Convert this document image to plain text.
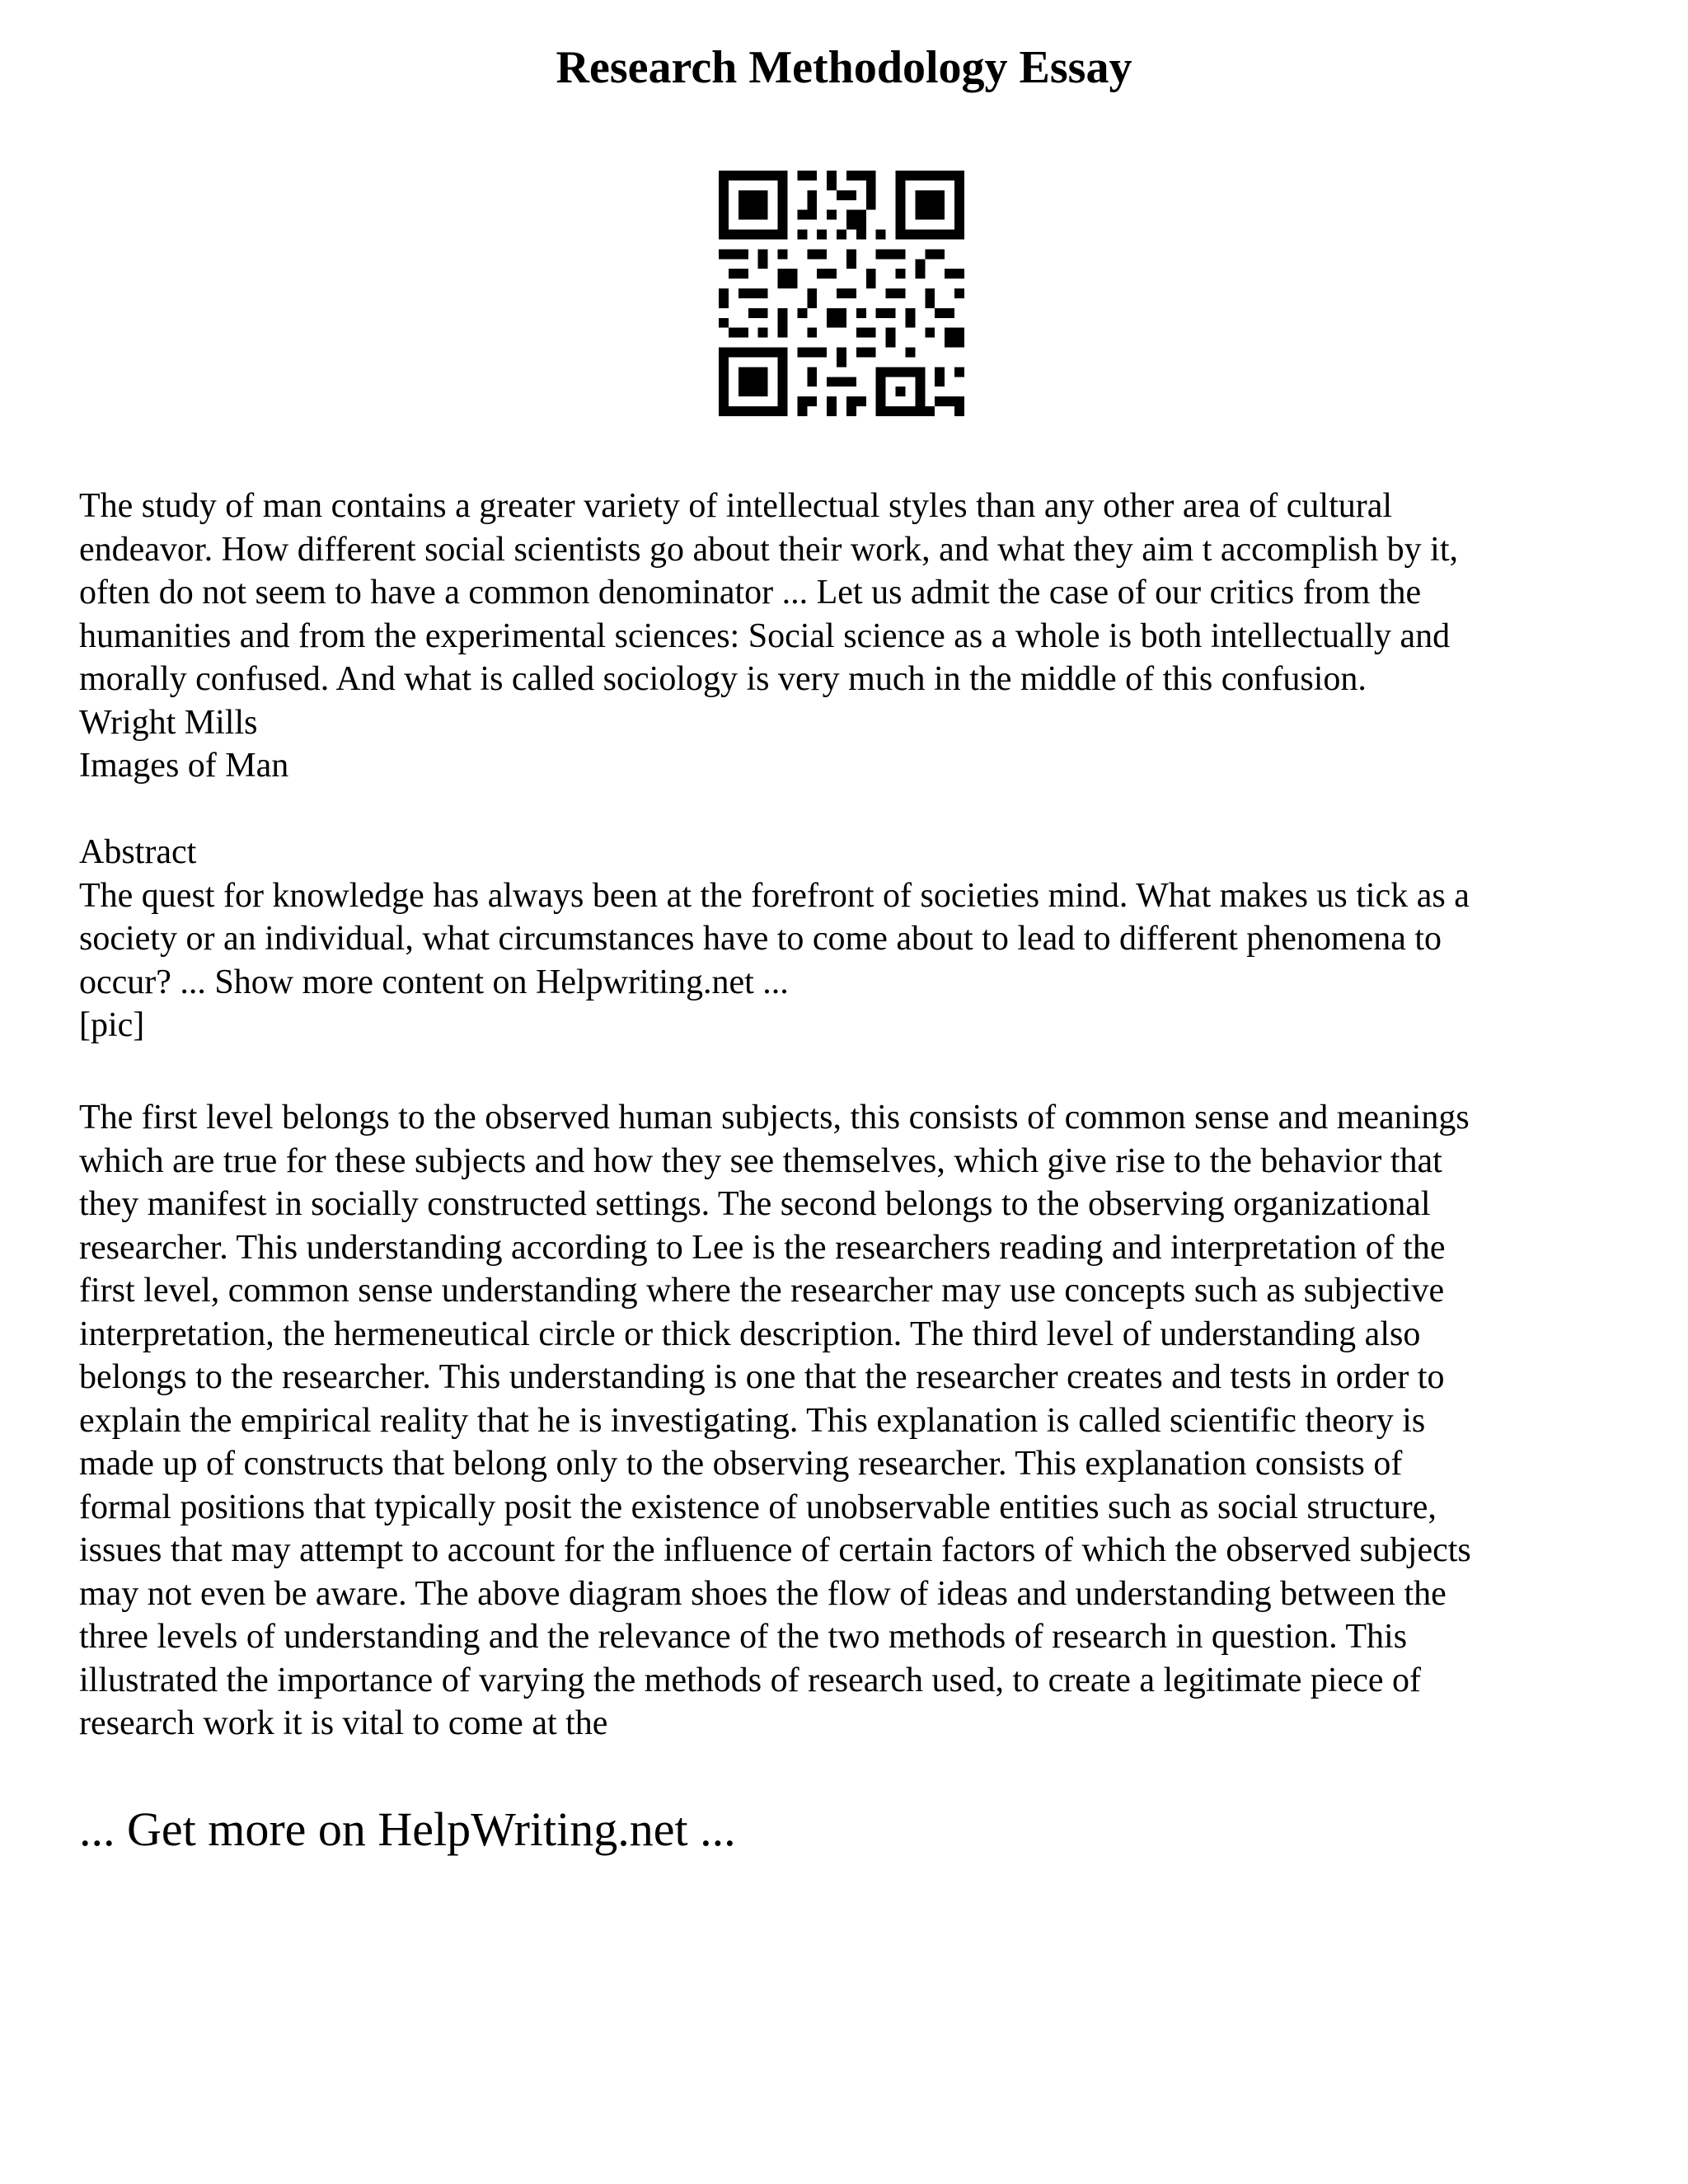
Research Methodology Essay
The study of man contains a greater variety of intellectual styles than any other area of cultural
endeavor. How different social scientists go about their work, and what they aim t accomplish by it,
often do not seem to have a common denominator ... Let us admit the case of our critics from the
humanities and from the experimental sciences: Social science as a whole is both intellectually and
morally confused. And what is called sociology is very much in the middle of this confusion.
Wright Mills
Images of Man
Abstract
The quest for knowledge has always been at the forefront of societies mind. What makes us tick as a
society or an individual, what circumstances have to come about to lead to different phenomena to
occur? ... Show more content on Helpwriting.net ...
[pic]
The first level belongs to the observed human subjects, this consists of common sense and meanings
which are true for these subjects and how they see themselves, which give rise to the behavior that
they manifest in socially constructed settings. The second belongs to the observing organizational
researcher. This understanding according to Lee is the researchers reading and interpretation of the
first level, common sense understanding where the researcher may use concepts such as subjective
interpretation, the hermeneutical circle or thick description. The third level of understanding also
belongs to the researcher. This understanding is one that the researcher creates and tests in order to
explain the empirical reality that he is investigating. This explanation is called scientific theory is
made up of constructs that belong only to the observing researcher. This explanation consists of
formal positions that typically posit the existence of unobservable entities such as social structure,
issues that may attempt to account for the influence of certain factors of which the observed subjects
may not even be aware. The above diagram shoes the flow of ideas and understanding between the
three levels of understanding and the relevance of the two methods of research in question. This
illustrated the importance of varying the methods of research used, to create a legitimate piece of
research work it is vital to come at the
... Get more on HelpWriting.net ...
